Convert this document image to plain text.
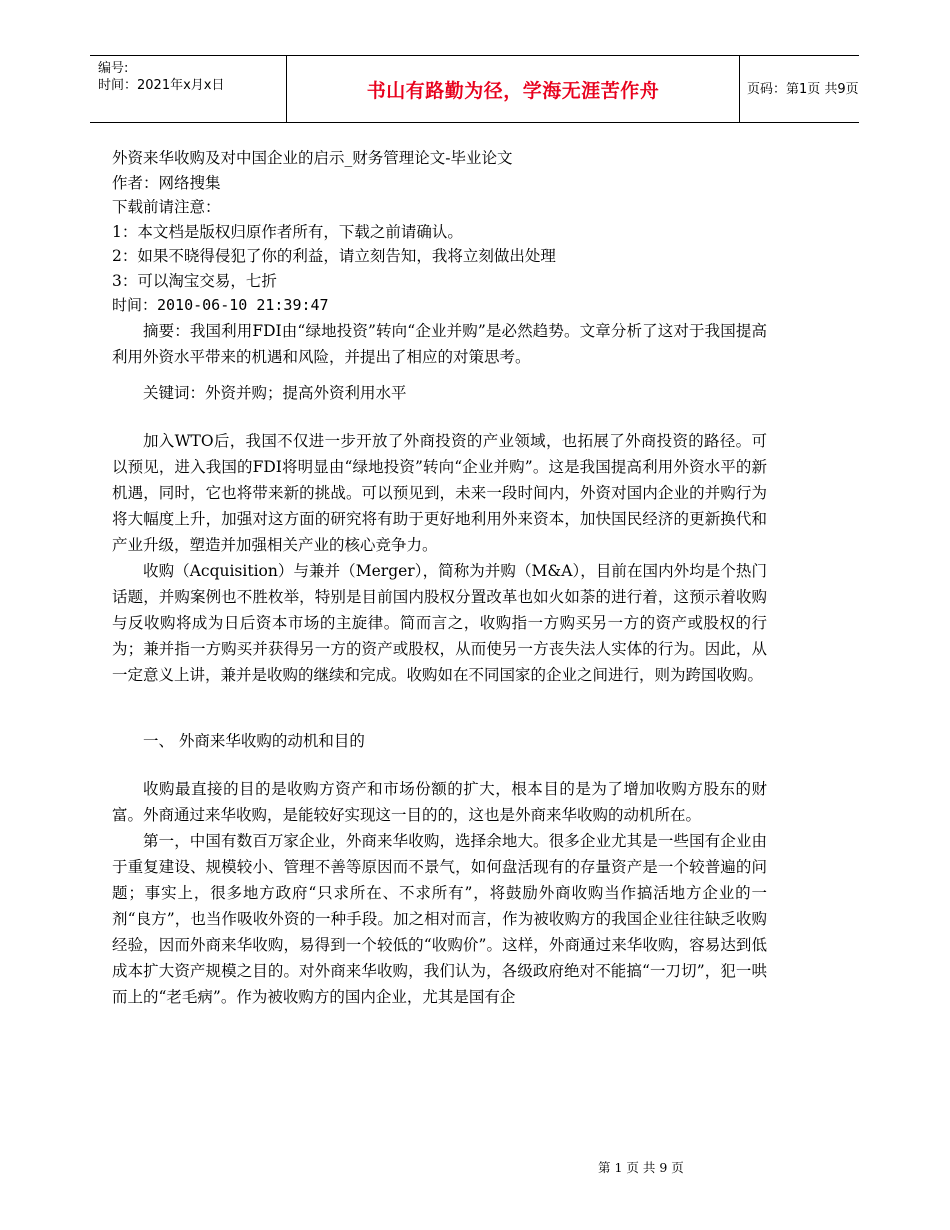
编号:
时间：2021年x月x日	书山有路勤为径，学海无涯苦作舟	页码：第1页 共9页
外资来华收购及对中国企业的启示_财务管理论文-毕业论文
作者：网络搜集
下载前请注意：
1：本文档是版权归原作者所有，下载之前请确认。
2：如果不晓得侵犯了你的利益，请立刻告知，我将立刻做出处理
3：可以淘宝交易，七折
时间：2010-06-10 21:39:47

摘要：我国利用FDI由“绿地投资”转向“企业并购”是必然趋势。文章分析了这对于我国提高利用外资水平带来的机遇和风险，并提出了相应的对策思考。

关键词：外资并购；提高外资利用水平

加入WTO后，我国不仅进一步开放了外商投资的产业领域，也拓展了外商投资的路径。可以预见，进入我国的FDI将明显由“绿地投资”转向“企业并购”。这是我国提高利用外资水平的新机遇，同时，它也将带来新的挑战。可以预见到，未来一段时间内，外资对国内企业的并购行为将大幅度上升，加强对这方面的研究将有助于更好地利用外来资本，加快国民经济的更新换代和产业升级，塑造并加强相关产业的核心竞争力。

收购（Acquisition）与兼并（Merger），简称为并购（M&A），目前在国内外均是个热门话题，并购案例也不胜枚举，特别是目前国内股权分置改革也如火如荼的进行着，这预示着收购与反收购将成为日后资本市场的主旋律。简而言之，收购指一方购买另一方的资产或股权的行为；兼并指一方购买并获得另一方的资产或股权，从而使另一方丧失法人实体的行为。因此，从一定意义上讲，兼并是收购的继续和完成。收购如在不同国家的企业之间进行，则为跨国收购。

一、 外商来华收购的动机和目的

收购最直接的目的是收购方资产和市场份额的扩大，根本目的是为了增加收购方股东的财富。外商通过来华收购，是能较好实现这一目的的，这也是外商来华收购的动机所在。

第一，中国有数百万家企业，外商来华收购，选择余地大。很多企业尤其是一些国有企业由于重复建设、规模较小、管理不善等原因而不景气，如何盘活现有的存量资产是一个较普遍的问题；事实上，很多地方政府“只求所在、不求所有”，将鼓励外商收购当作搞活地方企业的一剂“良方”，也当作吸收外资的一种手段。加之相对而言，作为被收购方的我国企业往往缺乏收购经验，因而外商来华收购，易得到一个较低的“收购价”。这样，外商通过来华收购，容易达到低成本扩大资产规模之目的。对外商来华收购，我们认为，各级政府绝对不能搞“一刀切”，犯一哄而上的“老毛病”。作为被收购方的国内企业，尤其是国有企

第 1 页 共 9 页
